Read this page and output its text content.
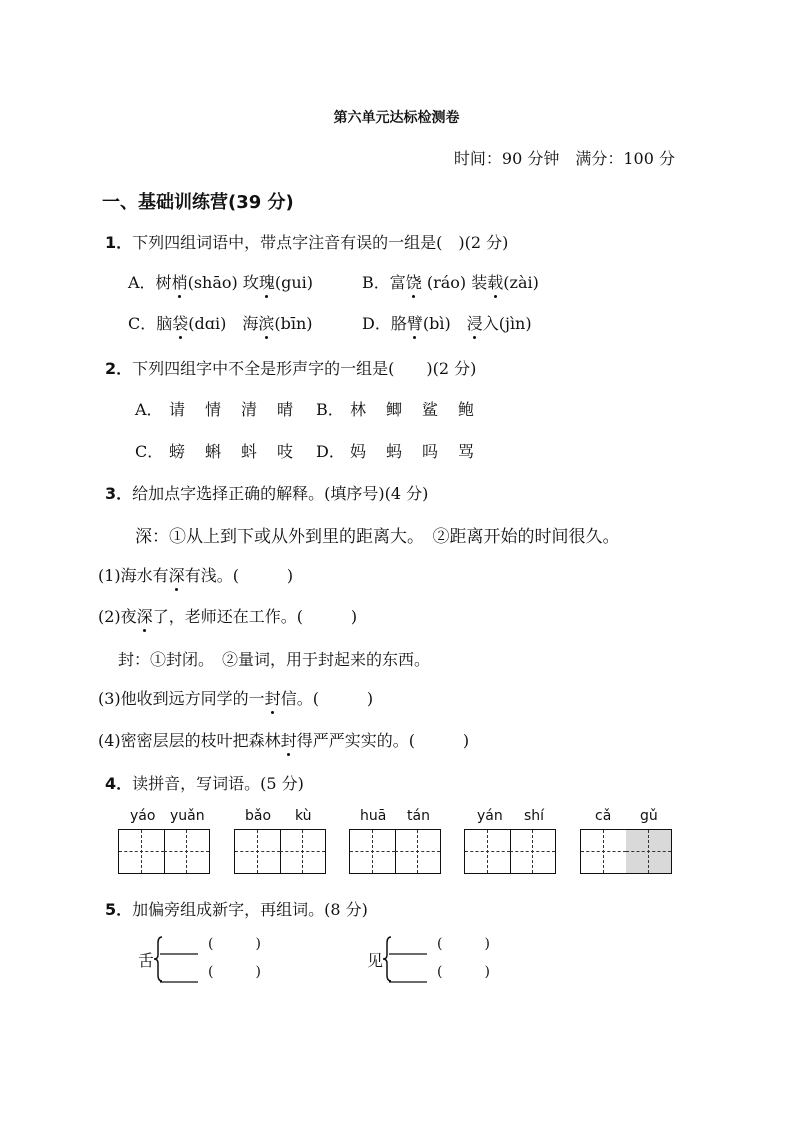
第六单元达标检测卷
时间：90 分钟　满分：100 分
一、基础训练营(39 分)
1．下列四组词语中，带点字注音有误的一组是(　)(2 分)
A．树梢(shāo) 玫瑰(gui)	B．富饶 (ráo) 装载(zài)
C．脑袋(dɑi)　海滨(bīn)	D．胳臂(bì)　浸入(jìn)
2．下列四组字中不全是形声字的一组是(　　)(2 分)
A． 请 情 清 晴	B． 林 鲫 鲨 鲍
C． 螃 蝌 蚪 吱	D． 妈 蚂 吗 骂
3．给加点字选择正确的解释。(填序号)(4 分)
深：①从上到下或从外到里的距离大。　②距离开始的时间很久。
(1)海水有深有浅。(　　　)
(2)夜深了，老师还在工作。(　　　)
封：①封闭。　②量词，用于封起来的东西。
(3)他收到远方同学的一封信。(　　　)
(4)密密层层的枝叶把森林封得严严实实的。(　　　)
4．读拼音，写词语。(5 分)
yáo yuǎn	bǎo kù	huā tán	yán shí	cǎ gǔ
5．加偏旁组成新字，再组词。(8 分)
舌
(　　　)
(　　　)
见
(　　　)
(　　　)
